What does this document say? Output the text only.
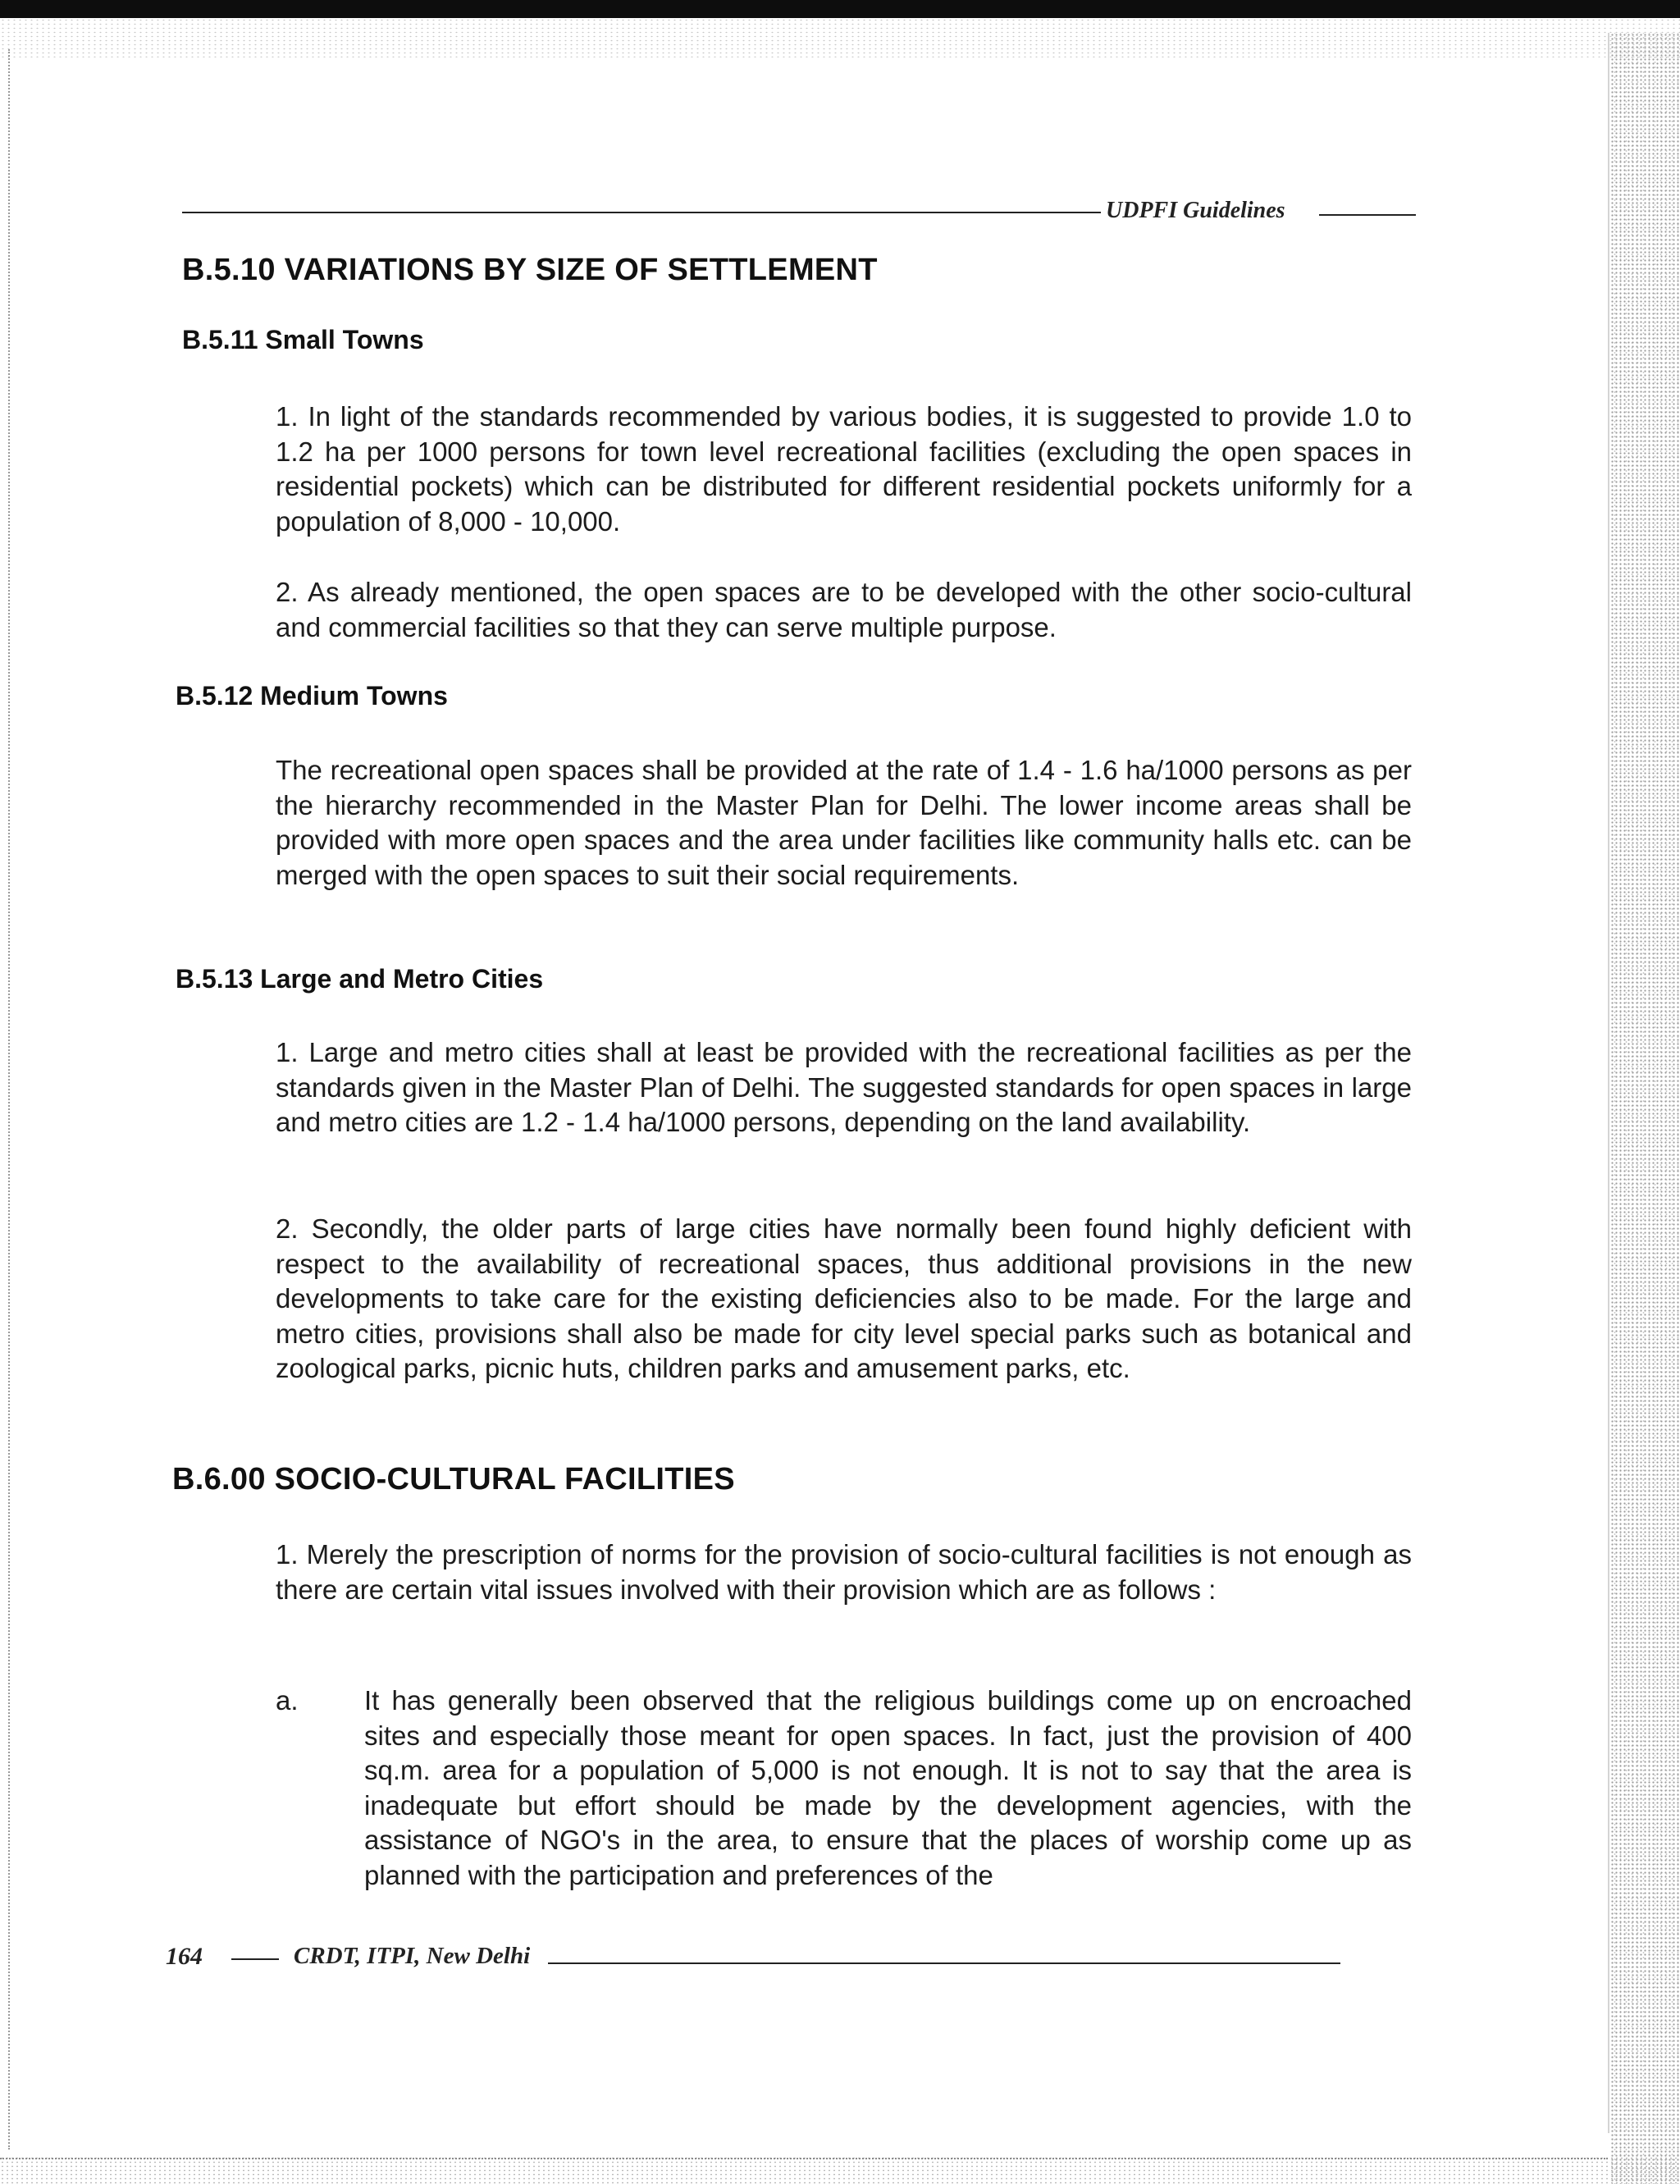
UDPFI Guidelines
B.5.10 VARIATIONS BY SIZE OF SETTLEMENT
B.5.11 Small Towns

1. In light of the standards recommended by various bodies, it is suggested to provide 1.0 to 1.2 ha per 1000 persons for town level recreational facilities (excluding the open spaces in residential pockets) which can be distributed for different residential pockets uniformly for a population of 8,000 - 10,000.

2. As already mentioned, the open spaces are to be developed with the other socio-cultural and commercial facilities so that they can serve multiple purpose.

B.5.12 Medium Towns

The recreational open spaces shall be provided at the rate of 1.4 - 1.6 ha/1000 persons as per the hierarchy recommended in the Master Plan for Delhi. The lower income areas shall be provided with more open spaces and the area under facilities like community halls etc. can be merged with the open spaces to suit their social requirements.

B.5.13 Large and Metro Cities

1. Large and metro cities shall at least be provided with the recreational facilities as per the standards given in the Master Plan of Delhi. The suggested standards for open spaces in large and metro cities are 1.2 - 1.4 ha/1000 persons, depending on the land availability.

2. Secondly, the older parts of large cities have normally been found highly deficient with respect to the availability of recreational spaces, thus additional provisions in the new developments to take care for the existing deficiencies also to be made. For the large and metro cities, provisions shall also be made for city level special parks such as botanical and zoological parks, picnic huts, children parks and amusement parks, etc.

B.6.00 SOCIO-CULTURAL FACILITIES

1. Merely the prescription of norms for the provision of socio-cultural facilities is not enough as there are certain vital issues involved with their provision which are as follows :

a. It has generally been observed that the religious buildings come up on encroached sites and especially those meant for open spaces. In fact, just the provision of 400 sq.m. area for a population of 5,000 is not enough. It is not to say that the area is inadequate but effort should be made by the development agencies, with the assistance of NGO's in the area, to ensure that the places of worship come up as planned with the participation and preferences of the

164	CRDT, ITPI, New Delhi
